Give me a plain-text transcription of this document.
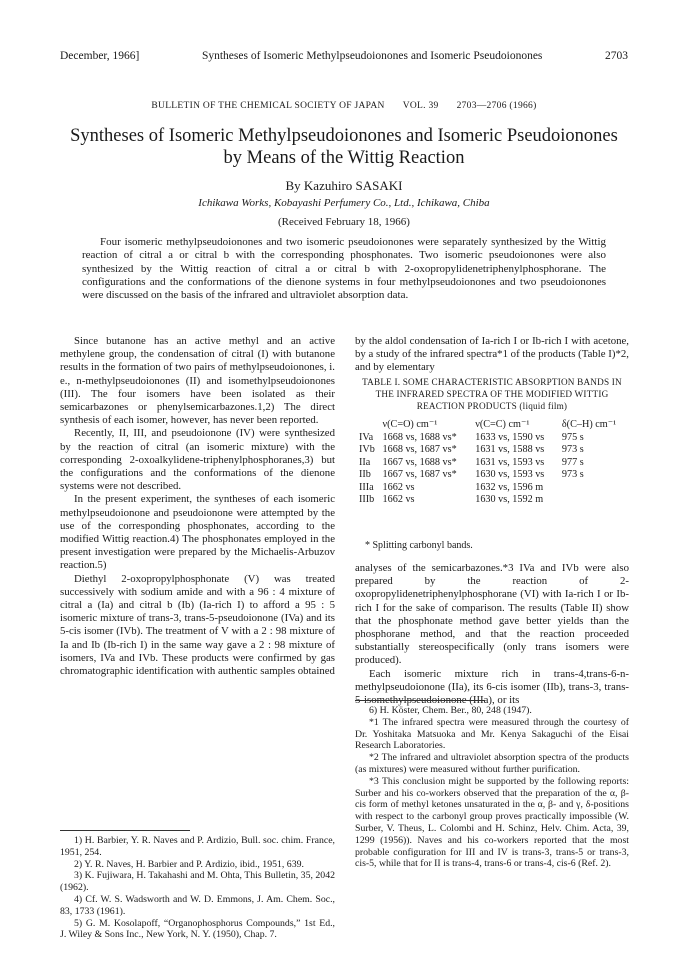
December, 1966]	Syntheses of Isomeric Methylpseudoionones and Isomeric Pseudoionones	2703
BULLETIN OF THE CHEMICAL SOCIETY OF JAPAN VOL. 39 2703—2706 (1966)
Syntheses of Isomeric Methylpseudoionones and Isomeric Pseudoionones
by Means of the Wittig Reaction
By Kazuhiro SASAKI
Ichikawa Works, Kobayashi Perfumery Co., Ltd., Ichikawa, Chiba
(Received February 18, 1966)

Four isomeric methylpseudoionones and two isomeric pseudoionones were separately synthesized by the Wittig reaction of citral a or citral b with the corresponding phosphonates. Two isomeric pseudoionones were also synthesized by the Wittig reaction of citral a or citral b with 2-oxopropylidenetriphenylphosphorane. The configurations and the conformations of the dienone systems in four methylpseudoionones and two pseudoionones were discussed on the basis of the infrared and ultraviolet absorption data.

Since butanone has an active methyl and an active methylene group, the condensation of citral (I) with butanone results in the formation of two pairs of methylpseudoionones, i. e., n-methylpseudoionones (II) and isomethylpseudoionones (III). The four isomers have been isolated as their semicarbazones or phenylsemicarbazones.1,2) The direct synthesis of each isomer, however, has never been reported.

Recently, II, III, and pseudoionone (IV) were synthesized by the reaction of citral (an isomeric mixture) with the corresponding 2-oxoalkylidene-triphenylphosphoranes,3) but the configurations and the conformations of the dienone systems were not described.

In the present experiment, the syntheses of each isomeric methylpseudoionone and pseudoionone were attempted by the use of the corresponding phosphonates, according to the modified Wittig reaction.4) The phosphonates employed in the present investigation were prepared by the Michaelis-Arbuzov reaction.5)

Diethyl 2-oxopropylphosphonate (V) was treated successively with sodium amide and with a 96 : 4 mixture of citral a (Ia) and citral b (Ib) (Ia-rich I) to afford a 95 : 5 isomeric mixture of trans-3, trans-5-pseudoionone (IVa) and its 5-cis isomer (IVb). The treatment of V with a 2 : 98 mixture of Ia and Ib (Ib-rich I) in the same way gave a 2 : 98 mixture of isomers, IVa and IVb. These products were confirmed by gas chromatographic identification with authentic samples obtained

by the aldol condensation of Ia-rich I or Ib-rich I with acetone, by a study of the infrared spectra*1 of the products (Table I)*2, and by elementary

TABLE I. SOME CHARACTERISTIC ABSORPTION BANDS IN THE INFRARED SPECTRA OF THE MODIFIED WITTIG REACTION PRODUCTS (liquid film)
	ν(C=O) cm⁻¹	ν(C=C) cm⁻¹	δ(C–H) cm⁻¹
IVa	1668 vs, 1688 vs*	1633 vs, 1590 vs	975 s
IVb	1668 vs, 1687 vs*	1631 vs, 1588 vs	973 s
IIa	1667 vs, 1688 vs*	1631 vs, 1593 vs	977 s
IIb	1667 vs, 1687 vs*	1630 vs, 1593 vs	973 s
IIIa	1662 vs	1632 vs, 1596 m	
IIIb	1662 vs	1630 vs, 1592 m	
* Splitting carbonyl bands.

analyses of the semicarbazones.*3 IVa and IVb were also prepared by the reaction of 2-oxopropylidenetriphenylphosphorane (VI) with Ia-rich I or Ib-rich I for the sake of comparison. The results (Table II) show that the phosphonate method gave better yields than the phosphorane method, and that the reaction proceeded substantially stereospecifically (only trans isomers were produced).

Each isomeric mixture rich in trans-4,trans-6-n-methylpseudoionone (IIa), its 6-cis isomer (IIb), trans-3, trans-5-isomethylpseudoionone (IIIa), or its

1) H. Barbier, Y. R. Naves and P. Ardizio, Bull. soc. chim. France, 1951, 254.

2) Y. R. Naves, H. Barbier and P. Ardizio, ibid., 1951, 639.

3) K. Fujiwara, H. Takahashi and M. Ohta, This Bulletin, 35, 2042 (1962).

4) Cf. W. S. Wadsworth and W. D. Emmons, J. Am. Chem. Soc., 83, 1733 (1961).

5) G. M. Kosolapoff, “Organophosphorus Compounds,” 1st Ed., J. Wiley & Sons Inc., New York, N. Y. (1950), Chap. 7.

6) H. Köster, Chem. Ber., 80, 248 (1947).

*1 The infrared spectra were measured through the courtesy of Dr. Yoshitaka Matsuoka and Mr. Kenya Sakaguchi of the Eisai Research Laboratories.

*2 The infrared and ultraviolet absorption spectra of the products (as mixtures) were measured without further purification.

*3 This conclusion might be supported by the following reports: Surber and his co-workers observed that the preparation of the α, β-cis form of methyl ketones unsaturated in the α, β- and γ, δ-positions with respect to the carbonyl group proves practically impossible (W. Surber, V. Theus, L. Colombi and H. Schinz, Helv. Chim. Acta, 39, 1299 (1956)). Naves and his co-workers reported that the most probable configuration for III and IV is trans-3, trans-5 or trans-3, cis-5, while that for II is trans-4, trans-6 or trans-4, cis-6 (Ref. 2).
